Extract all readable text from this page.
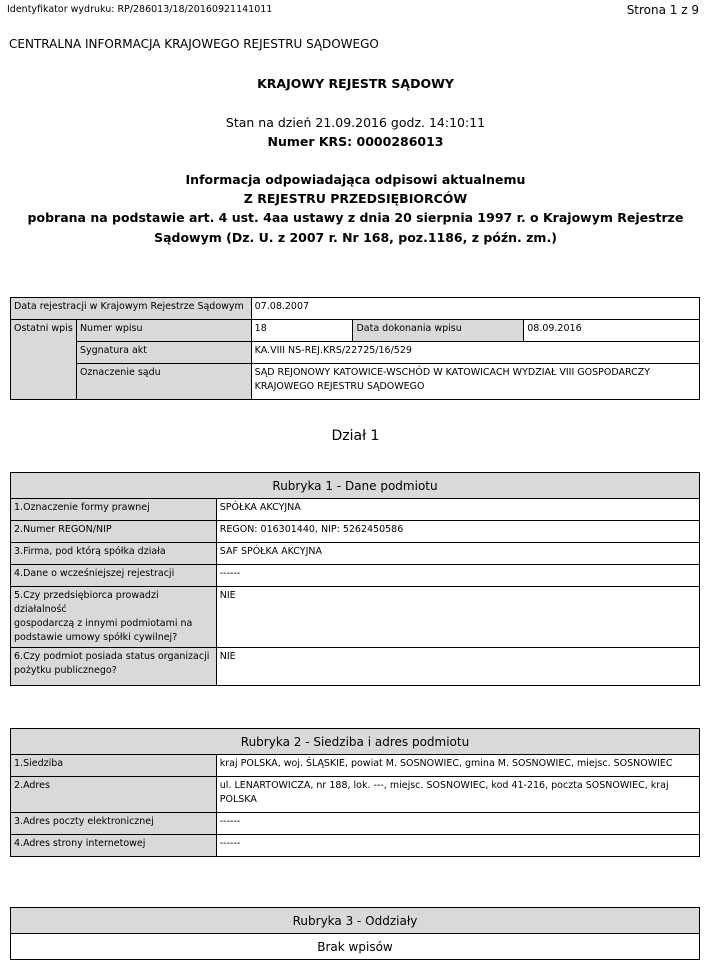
Identyfikator wydruku: RP/286013/18/20160921141011	Strona 1 z 9
CENTRALNA INFORMACJA KRAJOWEGO REJESTRU SĄDOWEGO
KRAJOWY REJESTR SĄDOWY
Stan na dzień 21.09.2016 godz. 14:10:11
Numer KRS: 0000286013
Informacja odpowiadająca odpisowi aktualnemu
Z REJESTRU PRZEDSIĘBIORCÓW
pobrana na podstawie art. 4 ust. 4aa ustawy z dnia 20 sierpnia 1997 r. o Krajowym Rejestrze
Sądowym (Dz. U. z 2007 r. Nr 168, poz.1186, z późn. zm.)
Data rejestracji w Krajowym Rejestrze Sądowym		07.08.2007		
Ostatni wpis	Numer wpisu	18	Data dokonania wpisu	08.09.2016
	Sygnatura akt	KA.VIII NS-REJ.KRS/22725/16/529		
	Oznaczenie sądu	SĄD REJONOWY KATOWICE-WSCHÓD W KATOWICACH WYDZIAŁ VIII GOSPODARCZY
KRAJOWEGO REJESTRU SĄDOWEGO		
Dział 1
Rubryka 1 - Dane podmiotu	
1.Oznaczenie formy prawnej	SPÓŁKA AKCYJNA
2.Numer REGON/NIP	REGON: 016301440, NIP: 5262450586
3.Firma, pod którą spółka działa	SAF SPÓŁKA AKCYJNA
4.Dane o wcześniejszej rejestracji	------

5.Czy przedsiębiorca prowadzi działalność
gospodarczą z innymi podmiotami na
podstawie umowy spółki cywilnej?	NIE

6.Czy podmiot posiada status organizacji
pożytku publicznego?	NIE
Rubryka 2 - Siedziba i adres podmiotu	
1.Siedziba	kraj POLSKA, woj. ŚLĄSKIE, powiat M. SOSNOWIEC, gmina M. SOSNOWIEC, miejsc. SOSNOWIEC
2.Adres	ul. LENARTOWICZA, nr 188, lok. ---, miejsc. SOSNOWIEC, kod 41-216, poczta SOSNOWIEC, kraj
POLSKA

3.Adres poczty elektronicznej	------
4.Adres strony internetowej	------
Rubryka 3 - Oddziały
Brak wpisów
